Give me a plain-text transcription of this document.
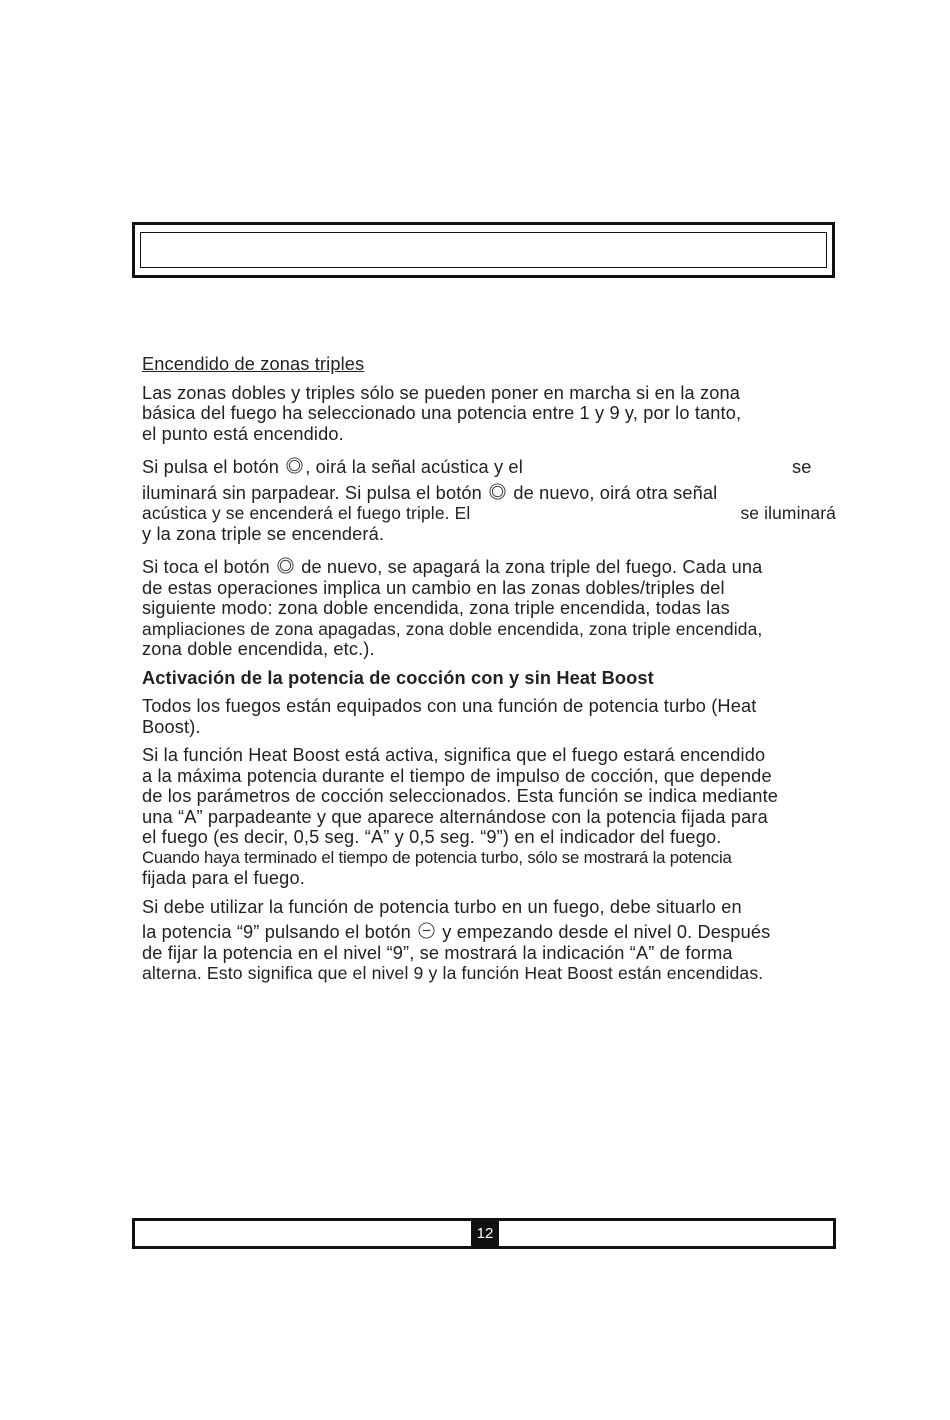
Encendido de zonas triples

Las zonas dobles y triples sólo se pueden poner en marcha si en la zona
básica del fuego ha seleccionado una potencia entre 1 y 9 y, por lo tanto,
el punto está encendido.

Si pulsa el botón , oirá la señal acústica y el	se
iluminará sin parpadear. Si pulsa el botón de nuevo, oirá otra señal
acústica y se encenderá el fuego triple. El	se iluminará
y la zona triple se encenderá.

Si toca el botón de nuevo, se apagará la zona triple del fuego. Cada una
de estas operaciones implica un cambio en las zonas dobles/triples del
siguiente modo: zona doble encendida, zona triple encendida, todas las
ampliaciones de zona apagadas, zona doble encendida, zona triple encendida,
zona doble encendida, etc.).

Activación de la potencia de cocción con y sin Heat Boost

Todos los fuegos están equipados con una función de potencia turbo (Heat
Boost).

Si la función Heat Boost está activa, significa que el fuego estará encendido
a la máxima potencia durante el tiempo de impulso de cocción, que depende
de los parámetros de cocción seleccionados. Esta función se indica mediante
una “A” parpadeante y que aparece alternándose con la potencia fijada para
el fuego (es decir, 0,5 seg. “A” y 0,5 seg. “9”) en el indicador del fuego.
Cuando haya terminado el tiempo de potencia turbo, sólo se mostrará la potencia
fijada para el fuego.

Si debe utilizar la función de potencia turbo en un fuego, debe situarlo en
la potencia “9” pulsando el botón y empezando desde el nivel 0. Después
de fijar la potencia en el nivel “9”, se mostrará la indicación “A” de forma
alterna. Esto significa que el nivel 9 y la función Heat Boost están encendidas.

12
